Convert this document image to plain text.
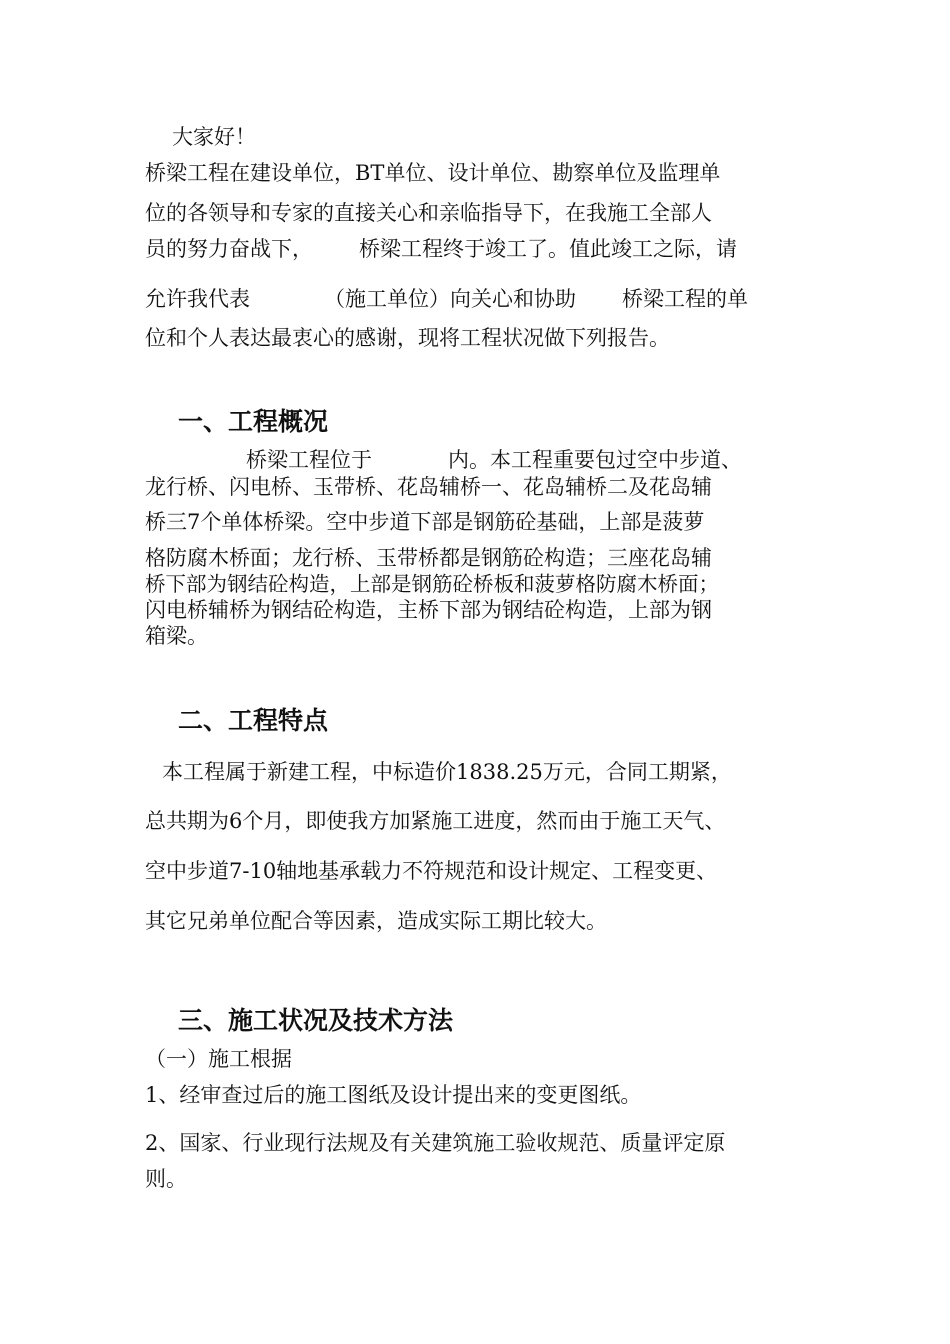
大家好！

桥梁工程在建设单位，BT单位、设计单位、勘察单位及监理单

位的各领导和专家的直接关心和亲临指导下，在我施工全部人

员的努力奋战下， 桥梁工程终于竣工了。值此竣工之际，请

允许我代表	（施工单位）向关心和协助 桥梁工程的单

位和个人表达最衷心的感谢，现将工程状况做下列报告。

一、工程概况

桥梁工程位于	内。本工程重要包过空中步道、

龙行桥、闪电桥、玉带桥、花岛辅桥一、花岛辅桥二及花岛辅

桥三7个单体桥梁。空中步道下部是钢筋砼基础，上部是菠萝

格防腐木桥面；龙行桥、玉带桥都是钢筋砼构造；三座花岛辅

桥下部为钢结砼构造，上部是钢筋砼桥板和菠萝格防腐木桥面；

闪电桥辅桥为钢结砼构造，主桥下部为钢结砼构造，上部为钢

箱梁。

二、工程特点

本工程属于新建工程，中标造价1838.25万元，合同工期紧，

总共期为6个月，即使我方加紧施工进度，然而由于施工天气、

空中步道7-10轴地基承载力不符规范和设计规定、工程变更、

其它兄弟单位配合等因素，造成实际工期比较大。

三、施工状况及技术方法

（一）施工根据

1、经审查过后的施工图纸及设计提出来的变更图纸。

2、国家、行业现行法规及有关建筑施工验收规范、质量评定原

则。
